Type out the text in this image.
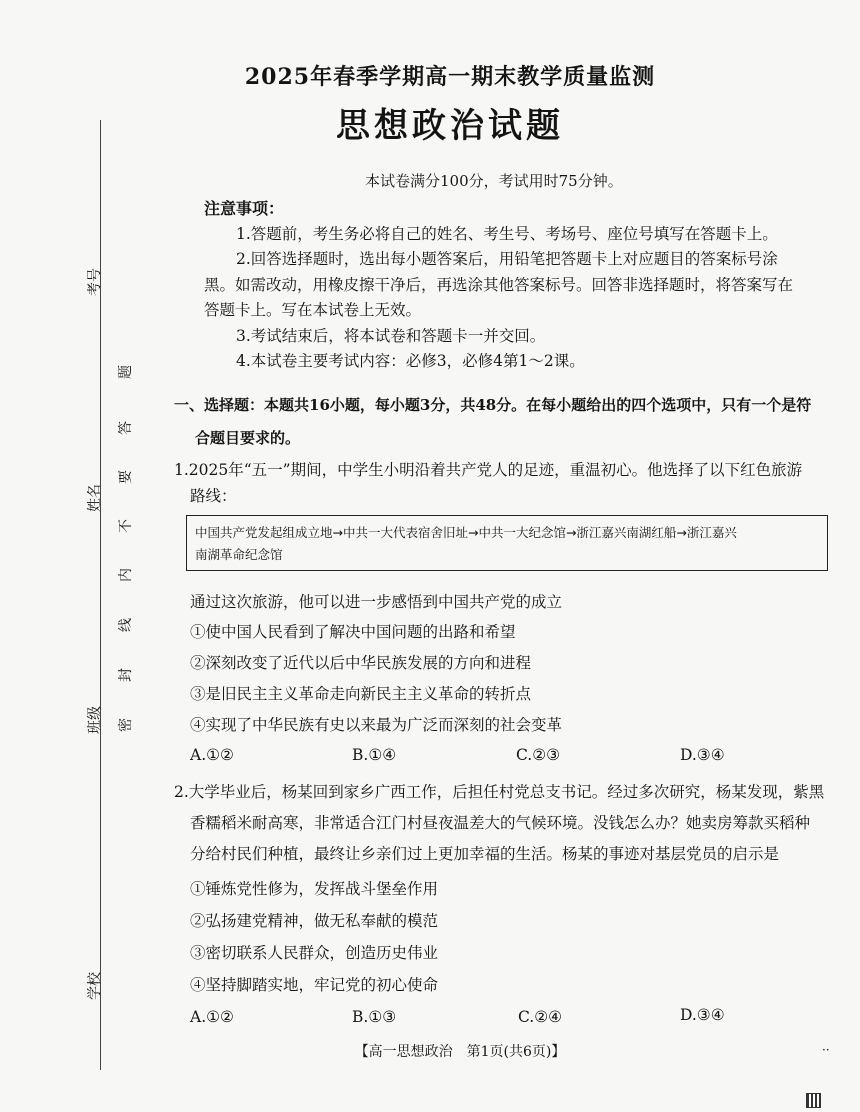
考号
姓名
班级
学校
密
封
线
内
不
要
答
题
2025年春季学期高一期末教学质量监测
思想政治试题
本试卷满分100分，考试用时75分钟。
注意事项：
1.答题前，考生务必将自己的姓名、考生号、考场号、座位号填写在答题卡上。
2.回答选择题时，选出每小题答案后，用铅笔把答题卡上对应题目的答案标号涂
黑。如需改动，用橡皮擦干净后，再选涂其他答案标号。回答非选择题时，将答案写在
答题卡上。写在本试卷上无效。
3.考试结束后，将本试卷和答题卡一并交回。
4.本试卷主要考试内容：必修3，必修4第1～2课。
一、选择题：本题共16小题，每小题3分，共48分。在每小题给出的四个选项中，只有一个是符
合题目要求的。
1.2025年“五一”期间，中学生小明沿着共产党人的足迹，重温初心。他选择了以下红色旅游
路线：
中国共产党发起组成立地→中共一大代表宿舍旧址→中共一大纪念馆→浙江嘉兴南湖红船→浙江嘉兴
南湖革命纪念馆
通过这次旅游，他可以进一步感悟到中国共产党的成立
①使中国人民看到了解决中国问题的出路和希望
②深刻改变了近代以后中华民族发展的方向和进程
③是旧民主主义革命走向新民主主义革命的转折点
④实现了中华民族有史以来最为广泛而深刻的社会变革
A.①②	B.①④	C.②③	D.③④
2.大学毕业后，杨某回到家乡广西工作，后担任村党总支书记。经过多次研究，杨某发现，紫黑
香糯稻米耐高寒，非常适合江门村昼夜温差大的气候环境。没钱怎么办？她卖房筹款买稻种
分给村民们种植，最终让乡亲们过上更加幸福的生活。杨某的事迹对基层党员的启示是
①锤炼党性修为，发挥战斗堡垒作用
②弘扬建党精神，做无私奉献的模范
③密切联系人民群众，创造历史伟业
④坚持脚踏实地，牢记党的初心使命
A.①②	B.①③	C.②④	D.③④
【高一思想政治　第1页(共6页)】	··
